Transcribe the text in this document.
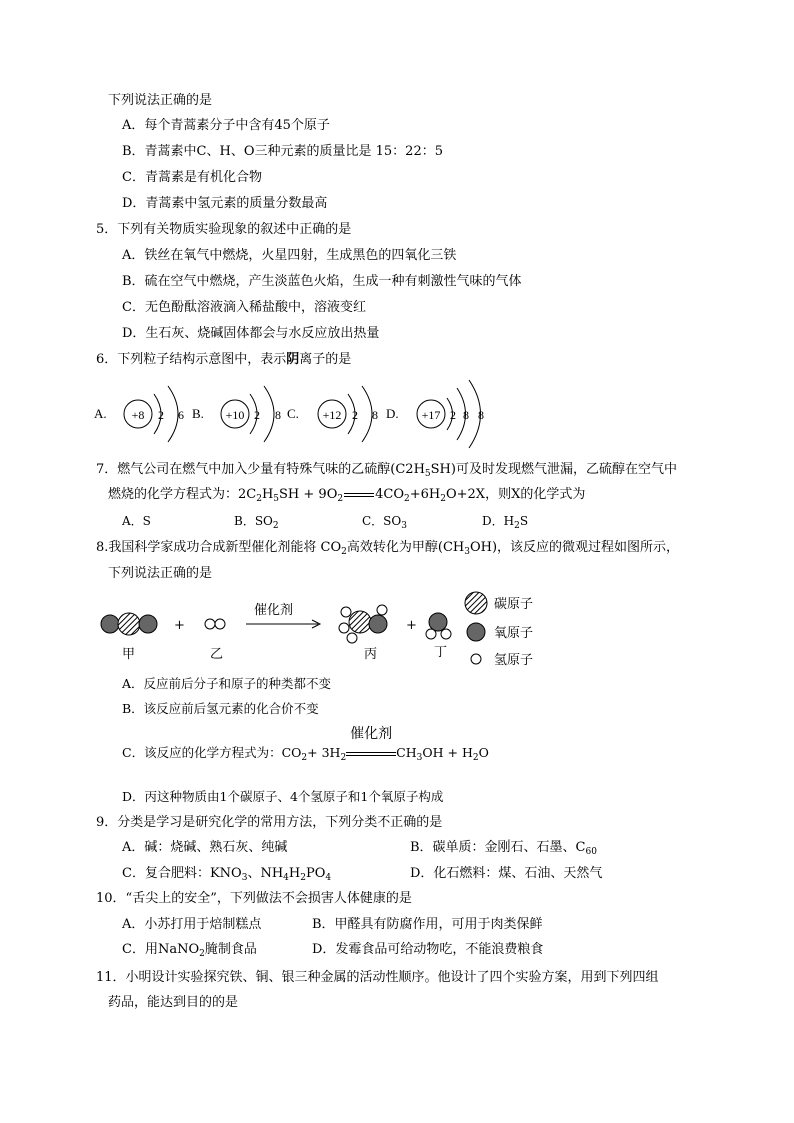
下列说法正确的是
A．每个青蒿素分子中含有45个原子
B．青蒿素中C、H、O三种元素的质量比是 15：22：5
C．青蒿素是有机化合物
D．青蒿素中氢元素的质量分数最高
5．下列有关物质实验现象的叙述中正确的是
A．铁丝在氧气中燃烧，火星四射，生成黑色的四氧化三铁
B．硫在空气中燃烧，产生淡蓝色火焰，生成一种有刺激性气味的气体
C．无色酚酞溶液滴入稀盐酸中，溶液变红
D．生石灰、烧碱固体都会与水反应放出热量
6．下列粒子结构示意图中，表示阴离子的是
A. +8 2 6 B. +10 2 8 C. +12 2 8 D. +17 2 8 8
7．燃气公司在燃气中加入少量有特殊气味的乙硫醇$(C2H_5SH)$可及时发现燃气泄漏，乙硫醇在空气中
燃烧的化学方程式为：$2C_2H_5SH + 9O_2$ $4CO_2+6H_2O+2X$，则X的化学式为
A．S	B．$SO_2$	C．$SO_3$	D．$H_2S$
8.我国科学家成功合成新型催化剂能将 $CO_2$高效转化为甲醇$(CH_3OH)$，该反应的微观过程如图所示，
下列说法正确的是
+
催化剂
+
碳原子
氧原子
氢原子
甲	乙	丙	丁
A．反应前后分子和原子的种类都不变
B．该反应前后氢元素的化合价不变
C．该反应的化学方程式为：$CO_2+ 3H_2$
催化剂
$CH_3OH + H_2O$
D．丙这种物质由1个碳原子、4个氢原子和1个氧原子构成
9．分类是学习是研究化学的常用方法，下列分类不正确的是
A．碱：烧碱、熟石灰、纯碱	B．碳单质：金刚石、石墨、$C_{60}$
C．复合肥料：$KNO_3$、$NH_4H_2PO_4$	D．化石燃料：煤、石油、天然气
10．“舌尖上的安全”，下列做法不会损害人体健康的是
A．小苏打用于焙制糕点	B．甲醛具有防腐作用，可用于肉类保鲜
C．用NaNO$_2$腌制食品	D．发霉食品可给动物吃，不能浪费粮食
11．小明设计实验探究铁、铜、银三种金属的活动性顺序。他设计了四个实验方案，用到下列四组
药品，能达到目的的是
